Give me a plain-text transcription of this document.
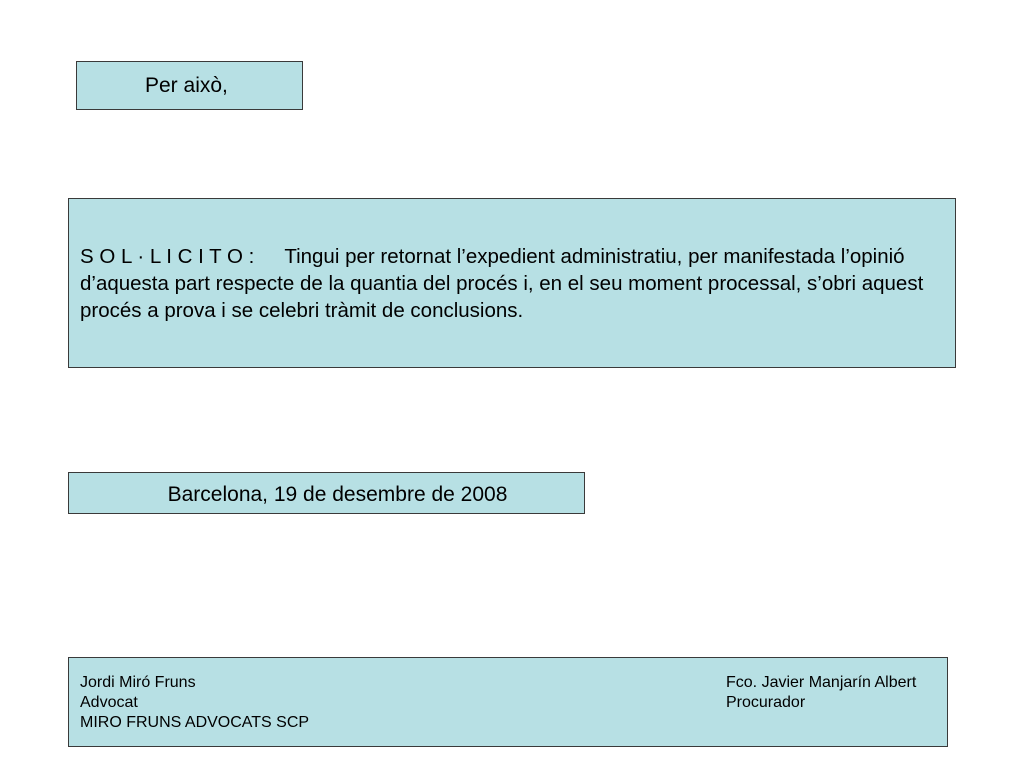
Per això,
S O L · L I C I T O : Tingui per retornat l’expedient administratiu, per manifestada l’opinió d’aquesta part respecte de la quantia del procés i, en el seu moment processal, s’obri aquest procés a prova i se celebri tràmit de conclusions.
Barcelona, 19 de desembre de 2008
Jordi Miró Fruns
Advocat
MIRO FRUNS ADVOCATS SCP
Fco. Javier Manjarín Albert
Procurador
